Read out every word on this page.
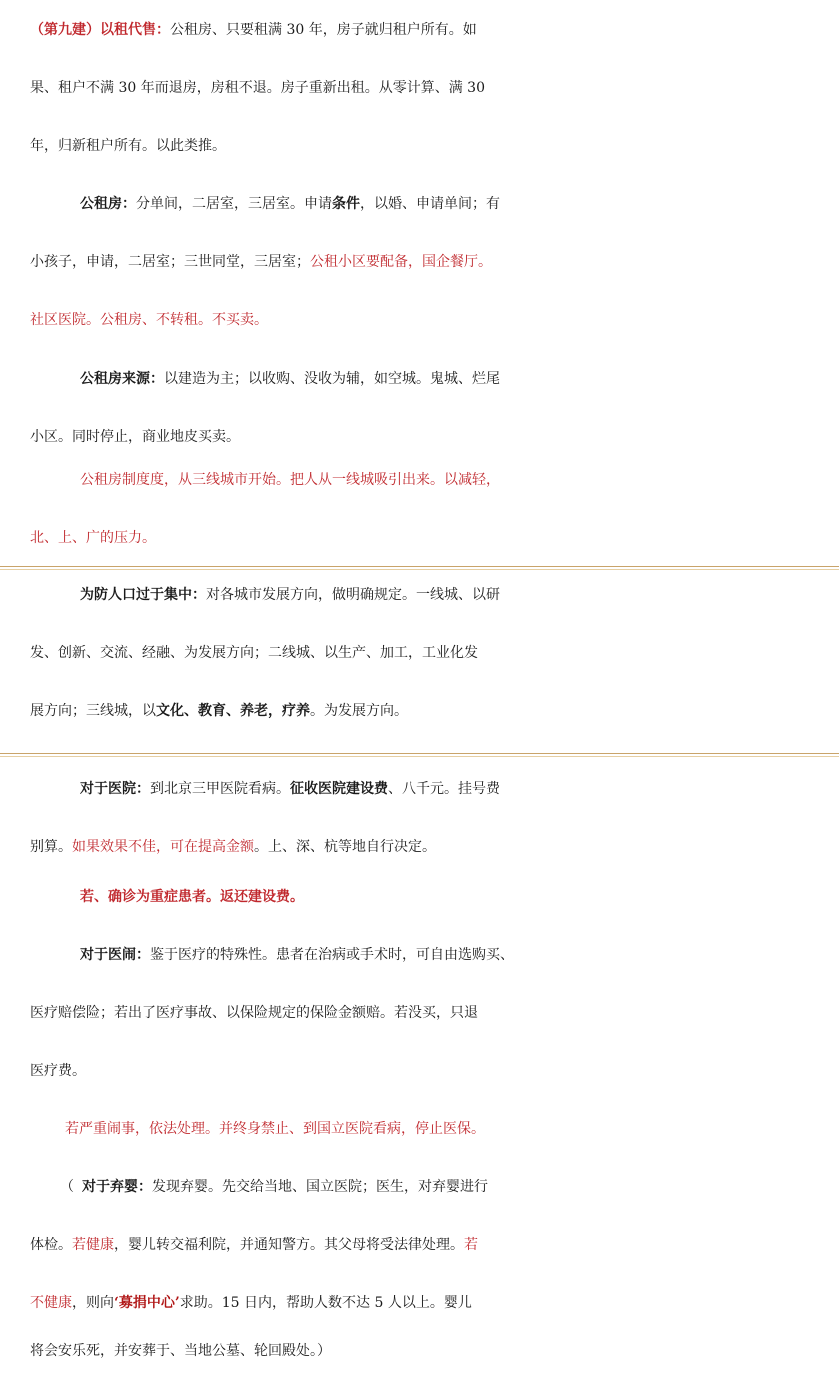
（第九建）以租代售：公租房、只要租满 30 年，房子就归租户所有。如
果、租户不满 30 年而退房，房租不退。房子重新出租。从零计算、满 30
年，归新租户所有。以此类推。
公租房：分单间，二居室，三居室。申请条件，以婚、申请单间；有
小孩子，申请，二居室；三世同堂，三居室；公租小区要配备，国企餐厅。
社区医院。公租房、不转租。不买卖。
公租房来源：以建造为主；以收购、没收为辅，如空城。鬼城、烂尾
小区。同时停止，商业地皮买卖。
公租房制度度，从三线城市开始。把人从一线城吸引出来。以减轻，
北、上、广的压力。
为防人口过于集中：对各城市发展方向，做明确规定。一线城、以研
发、创新、交流、经融、为发展方向；二线城、以生产、加工，工业化发
展方向；三线城，以文化、教育、养老，疗养。为发展方向。
对于医院：到北京三甲医院看病。征收医院建设费、八千元。挂号费
别算。如果效果不佳，可在提高金额。上、深、杭等地自行决定。
若、确诊为重症患者。返还建设费。
对于医闹：鉴于医疗的特殊性。患者在治病或手术时，可自由选购买、
医疗赔偿险；若出了医疗事故、以保险规定的保险金额赔。若没买，只退
医疗费。
若严重闹事，依法处理。并终身禁止、到国立医院看病，停止医保。
（ 对于弃婴：发现弃婴。先交给当地、国立医院；医生，对弃婴进行
体检。若健康，婴儿转交福利院，并通知警方。其父母将受法律处理。若
不健康，则向‘募捐中心’求助。15 日内，帮助人数不达 5 人以上。婴儿
将会安乐死，并安葬于、当地公墓、轮回殿处。）
